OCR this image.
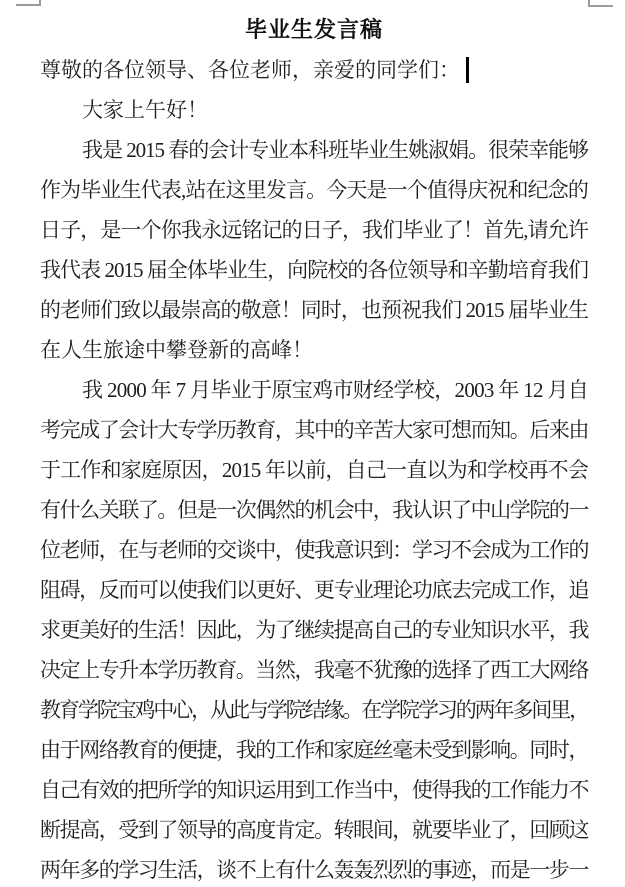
毕业生发言稿
尊敬的各位领导、各位老师，亲爱的同学们：
大家上午好！
我是 2015 春的会计专业本科班毕业生姚淑娟。很荣幸能够
作为毕业生代表,站在这里发言。今天是一个值得庆祝和纪念的
日子，是一个你我永远铭记的日子，我们毕业了！首先,请允许
我代表 2015 届全体毕业生，向院校的各位领导和辛勤培育我们
的老师们致以最崇高的敬意！同时，也预祝我们 2015 届毕业生
在人生旅途中攀登新的高峰！
我 2000 年 7 月毕业于原宝鸡市财经学校，2003 年 12 月自
考完成了会计大专学历教育，其中的辛苦大家可想而知。后来由
于工作和家庭原因，2015 年以前，自己一直以为和学校再不会
有什么关联了。但是一次偶然的机会中，我认识了中山学院的一
位老师，在与老师的交谈中，使我意识到：学习不会成为工作的
阻碍，反而可以使我们以更好、更专业理论功底去完成工作，追
求更美好的生活！因此，为了继续提高自己的专业知识水平，我
决定上专升本学历教育。当然，我毫不犹豫的选择了西工大网络
教育学院宝鸡中心，从此与学院结缘。在学院学习的两年多间里，
由于网络教育的便捷，我的工作和家庭丝毫未受到影响。同时，
自己有效的把所学的知识运用到工作当中，使得我的工作能力不
断提高，受到了领导的高度肯定。转眼间，就要毕业了，回顾这
两年多的学习生活，谈不上有什么轰轰烈烈的事迹，而是一步一
